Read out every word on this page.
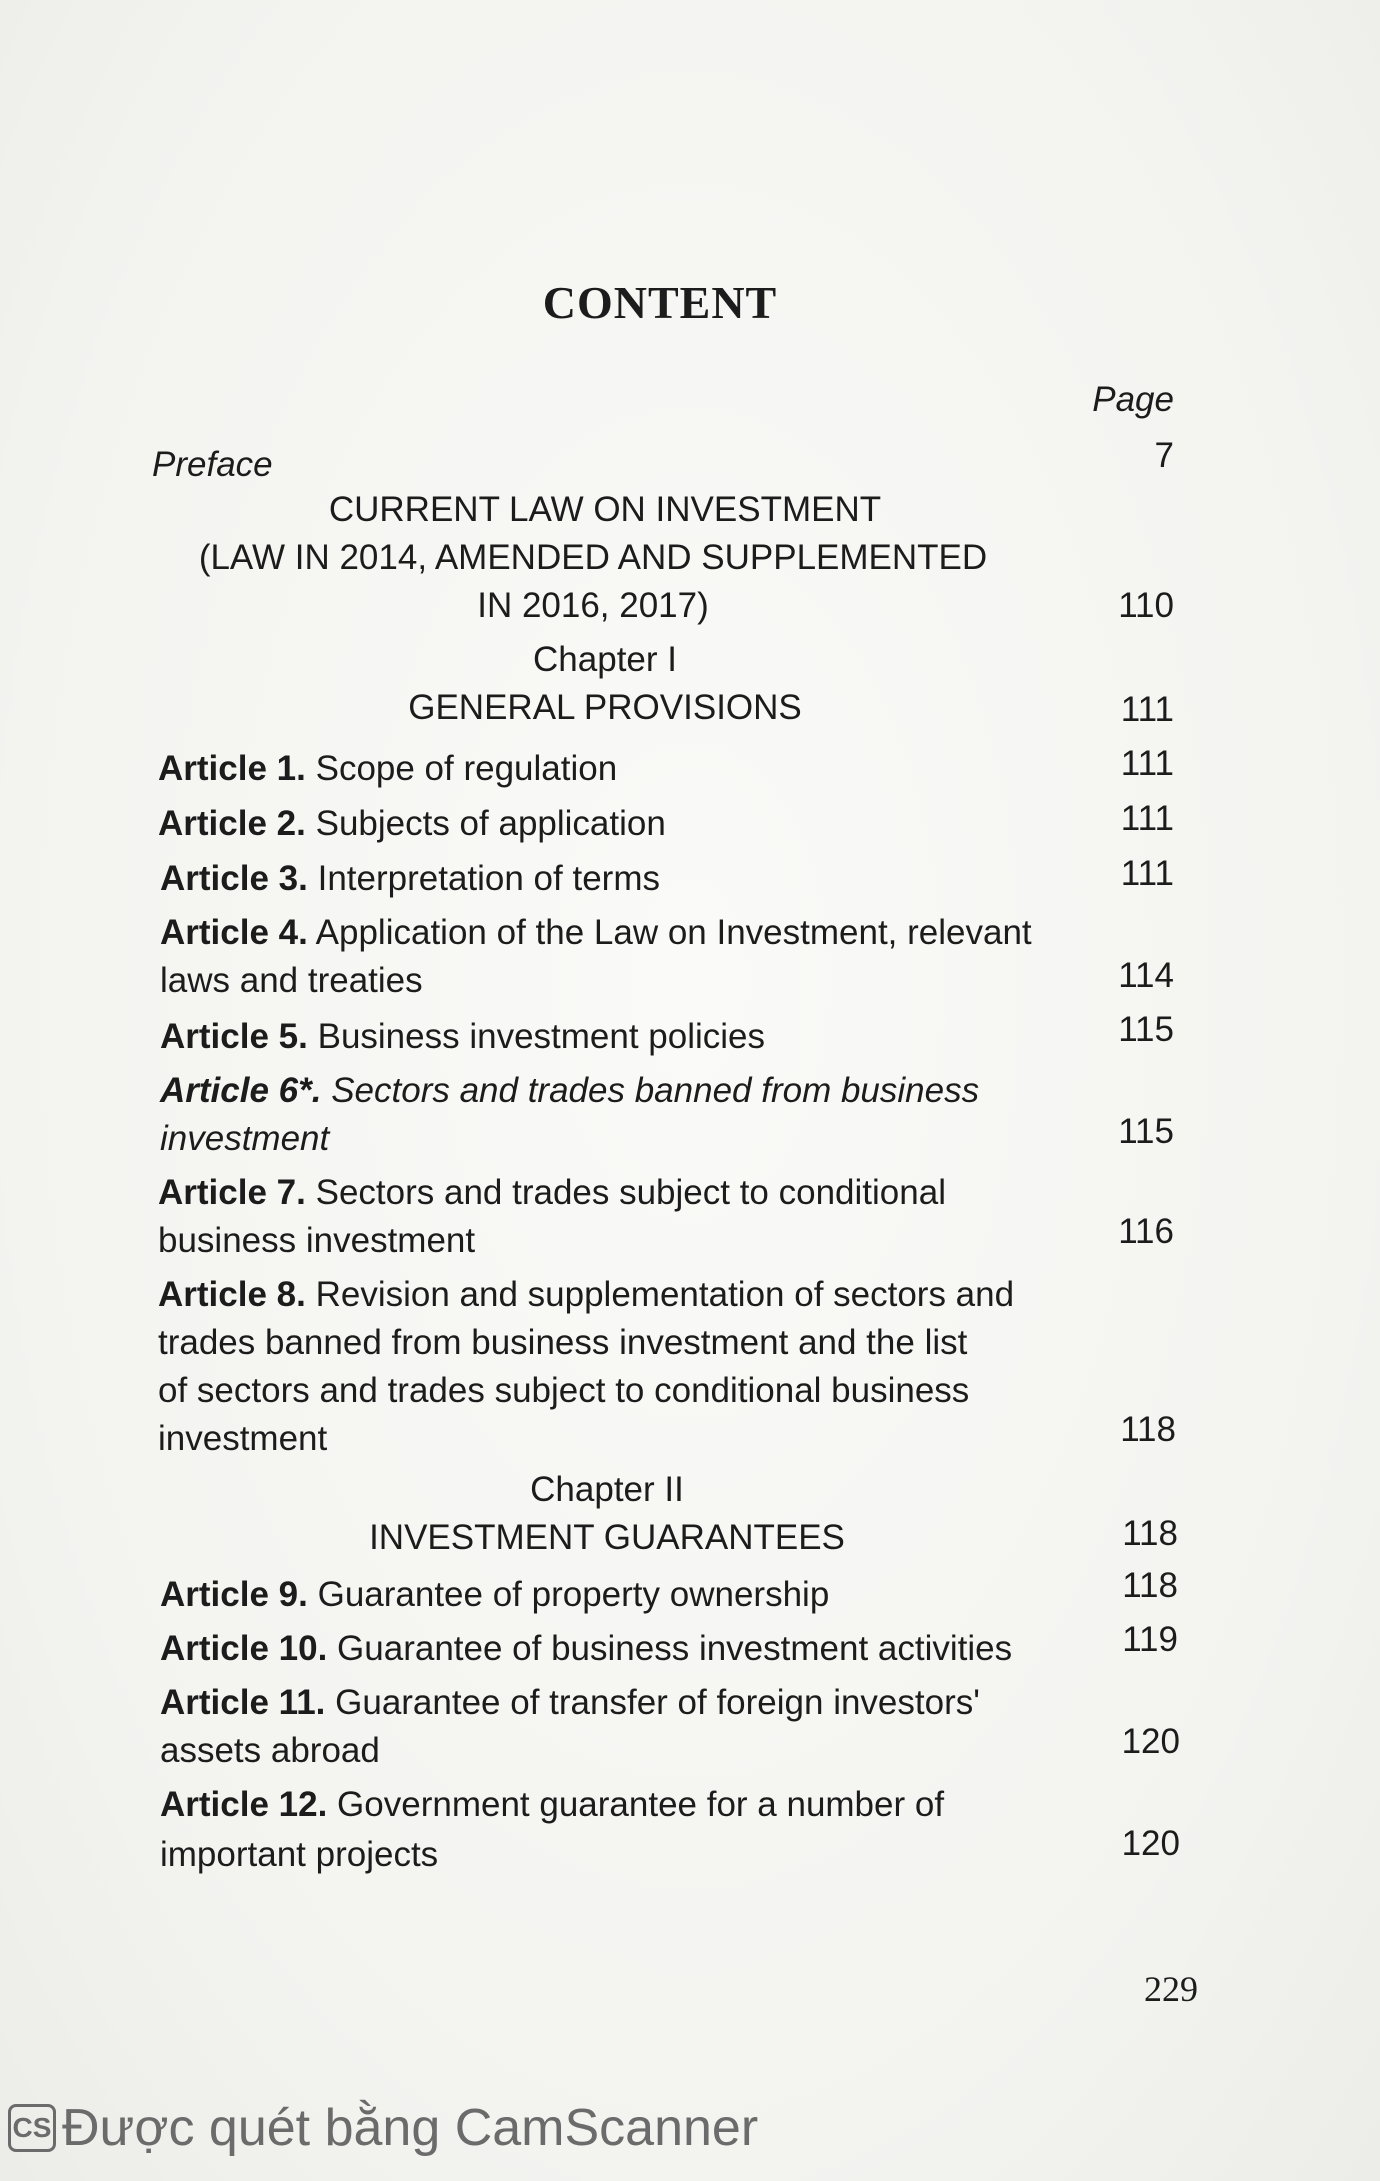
CONTENT
Page
Preface	7
CURRENT LAW ON INVESTMENT
(LAW IN 2014, AMENDED AND SUPPLEMENTED
IN 2016, 2017)	110
Chapter I
GENERAL PROVISIONS	111
Article 1. Scope of regulation	111
Article 2. Subjects of application	111
Article 3. Interpretation of terms	111
Article 4. Application of the Law on Investment, relevant
laws and treaties	114
Article 5. Business investment policies	115
Article 6*. Sectors and trades banned from business
investment	115
Article 7. Sectors and trades subject to conditional
business investment	116
Article 8. Revision and supplementation of sectors and
trades banned from business investment and the list
of sectors and trades subject to conditional business
investment	118
Chapter II
INVESTMENT GUARANTEES	118
Article 9. Guarantee of property ownership	118
Article 10. Guarantee of business investment activities	119
Article 11. Guarantee of transfer of foreign investors'
assets abroad	120
Article 12. Government guarantee for a number of
important projects	120
229
CS Được quét bằng CamScanner
